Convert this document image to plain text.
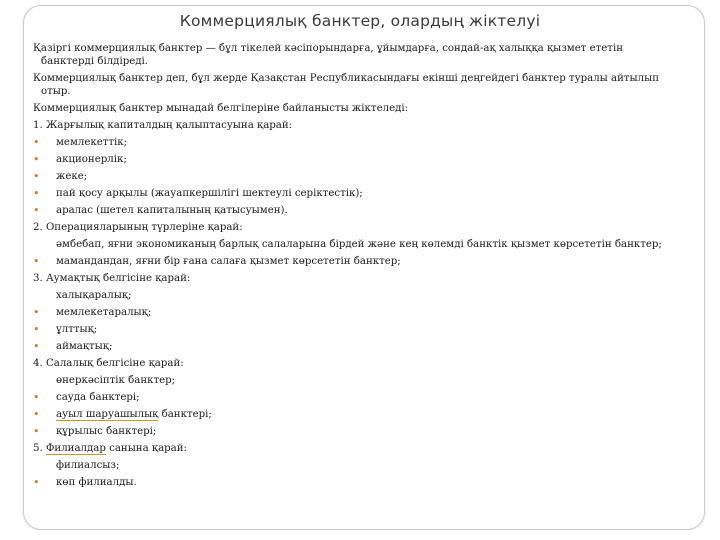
Коммерциялық банктер, олардың жіктелуі
Қазіргі коммерциялық банктер — бұл тікелей кәсіпорындарға, ұйымдарға, сондай-ақ халыққа қызмет ететін
банктерді білдіреді.
Коммерциялық банктер деп, бұл жерде Қазақстан Республикасындағы екінші деңгейдегі банктер туралы айтылып
отыр.
Коммерциялық банктер мынадай белгілеріне байланысты жіктеледі:
1. Жарғылық капиталдың қалыптасуына қарай:
• мемлекеттік;
• акционерлік;
• жеке;
• пай қосу арқылы (жауапкершілігі шектеулі серіктестік);
• аралас (шетел капиталының қатысуымен).
2. Операцияларының түрлеріне қарай:
әмбебап, яғни экономиканың барлық салаларына бірдей және кең көлемді банктік қызмет көрсететін банктер;
• мамандандан, яғни бір ғана салаға қызмет көрсететін банктер;
3. Аумақтық белгісіне қарай:
халықаралық;
• мемлекетаралық;
• ұлттық;
• аймақтық;
4. Салалық белгісіне қарай:
өнеркәсіптік банктер;
• сауда банктері;
• ауыл шаруашылық банктері;
• құрылыс банктері;
5. Филиалдар санына қарай:
филиалсыз;
• көп филиалды.
